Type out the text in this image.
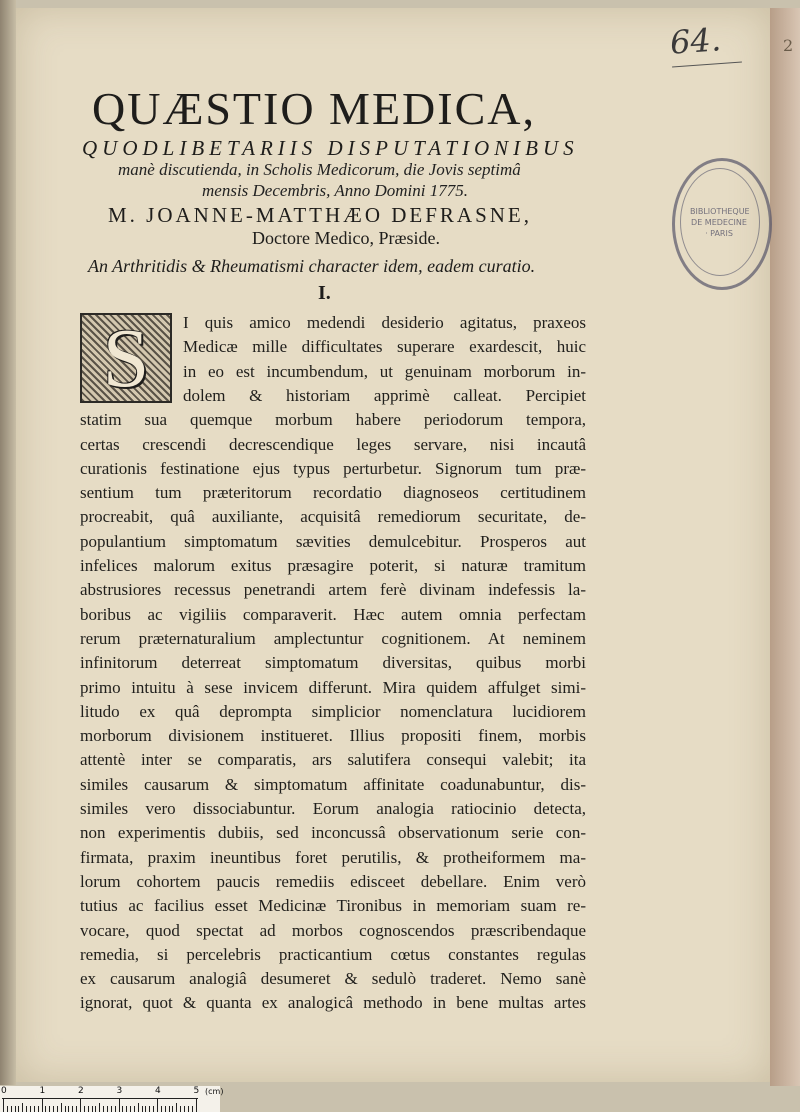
64.	2
BIBLIOTHEQUE DE MEDECINE · PARIS
QUÆSTIO MEDICA,
QUODLIBETARIIS DISPUTATIONIBUS
manè discutienda, in Scholis Medicorum, die Jovis septimâ
mensis Decembris, Anno Domini 1775.
M. JOANNE-MATTHÆO DEFRASNE,
Doctore Medico, Præside.
An Arthritidis & Rheumatismi character idem, eadem curatio.
I.
S	I quis amico medendi desiderio agitatus, praxeos
Medicæ mille difficultates superare exardescit, huic
in eo est incumbendum, ut genuinam morborum in-
dolem & historiam apprimè calleat. Percipiet
statim sua quemque morbum habere periodorum tempora,
certas crescendi decrescendique leges servare, nisi incautâ
curationis festinatione ejus typus perturbetur. Signorum tum præ-
sentium tum præteritorum recordatio diagnoseos certitudinem
procreabit, quâ auxiliante, acquisitâ remediorum securitate, de-
populantium simptomatum sævities demulcebitur. Prosperos aut
infelices malorum exitus præsagire poterit, si naturæ tramitum
abstrusiores recessus penetrandi artem ferè divinam indefessis la-
boribus ac vigiliis comparaverit. Hæc autem omnia perfectam
rerum præternaturalium amplectuntur cognitionem. At neminem
infinitorum deterreat simptomatum diversitas, quibus morbi
primo intuitu à sese invicem differunt. Mira quidem affulget simi-
litudo ex quâ deprompta simplicior nomenclatura lucidiorem
morborum divisionem institueret. Illius propositi finem, morbis
attentè inter se comparatis, ars salutifera consequi valebit; ita
similes causarum & simptomatum affinitate coadunabuntur, dis-
similes vero dissociabuntur. Eorum analogia ratiocinio detecta,
non experimentis dubiis, sed inconcussâ observationum serie con-
firmata, praxim ineuntibus foret perutilis, & protheiformem ma-
lorum cohortem paucis remediis edisceet debellare. Enim verò
tutius ac facilius esset Medicinæ Tironibus in memoriam suam re-
vocare, quod spectat ad morbos cognoscendos præscribendaque
remedia, si percelebris practicantium cœtus constantes regulas
ex causarum analogiâ desumeret & sedulò traderet. Nemo sanè
ignorat, quot & quanta ex analogicâ methodo in bene multas artes
0	1	2	3	4	5 (cm)
